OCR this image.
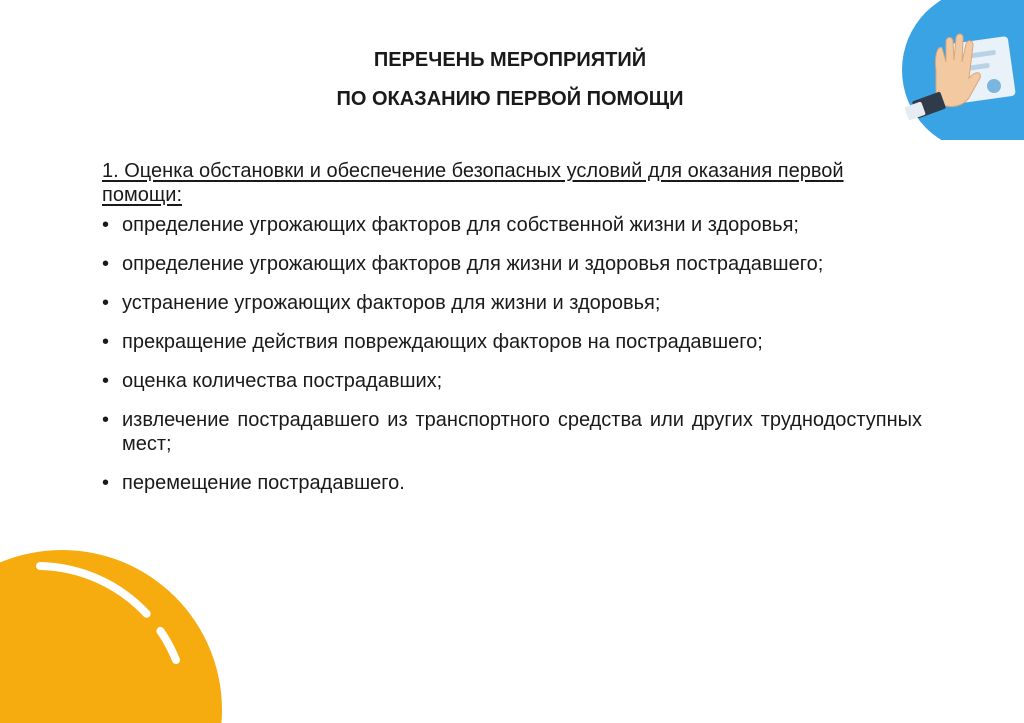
ПЕРЕЧЕНЬ МЕРОПРИЯТИЙ
ПО ОКАЗАНИЮ ПЕРВОЙ ПОМОЩИ

1. Оценка обстановки и обеспечение безопасных условий для оказания первой помощи:

• определение угрожающих факторов для собственной жизни и здоровья;
• определение угрожающих факторов для жизни и здоровья пострадавшего;
• устранение угрожающих факторов для жизни и здоровья;
• прекращение действия повреждающих факторов на пострадавшего;
• оценка количества пострадавших;
• извлечение пострадавшего из транспортного средства или других труднодоступных мест;
• перемещение пострадавшего.
